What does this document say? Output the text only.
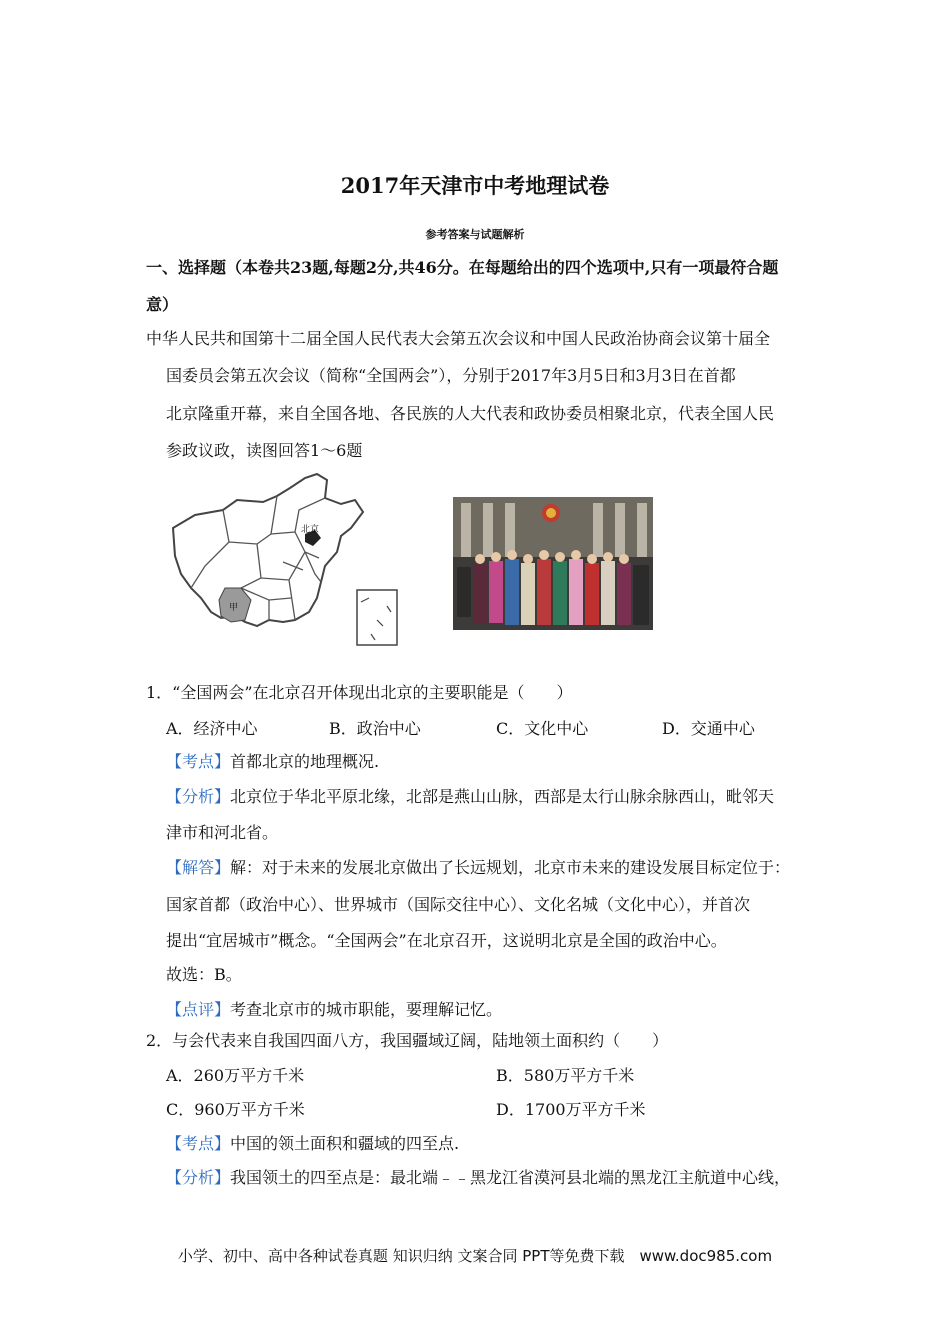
2017年天津市中考地理试卷
参考答案与试题解析
一、选择题（本卷共23题,每题2分,共46分。在每题给出的四个选项中,只有一项最符合题
意）
中华人民共和国第十二届全国人民代表大会第五次会议和中国人民政治协商会议第十届全
国委员会第五次会议（简称“全国两会”），分别于2017年3月5日和3月3日在首都
北京隆重开幕，来自全国各地、各民族的人大代表和政协委员相聚北京，代表全国人民
参政议政，读图回答1～6题
北京
甲
1．“全国两会”在北京召开体现出北京的主要职能是（　　）
A．经济中心	B．政治中心	C．文化中心	D．交通中心
【考点】首都北京的地理概况.
【分析】北京位于华北平原北缘，北部是燕山山脉，西部是太行山脉余脉西山，毗邻天
津市和河北省。
【解答】解：对于未来的发展北京做出了长远规划，北京市未来的建设发展目标定位于：
国家首都（政治中心）、世界城市（国际交往中心）、文化名城（文化中心），并首次
提出“宜居城市”概念。“全国两会”在北京召开，这说明北京是全国的政治中心。
故选：B。
【点评】考查北京市的城市职能，要理解记忆。
2．与会代表来自我国四面八方，我国疆域辽阔，陆地领土面积约（　　）
A．260万平方千米	B．580万平方千米
C．960万平方千米	D．1700万平方千米
【考点】中国的领土面积和疆域的四至点.
【分析】我国领土的四至点是：最北端﹣﹣黑龙江省漠河县北端的黑龙江主航道中心线，
小学、初中、高中各种试卷真题 知识归纳 文案合同 PPT等免费下载　www.doc985.com
